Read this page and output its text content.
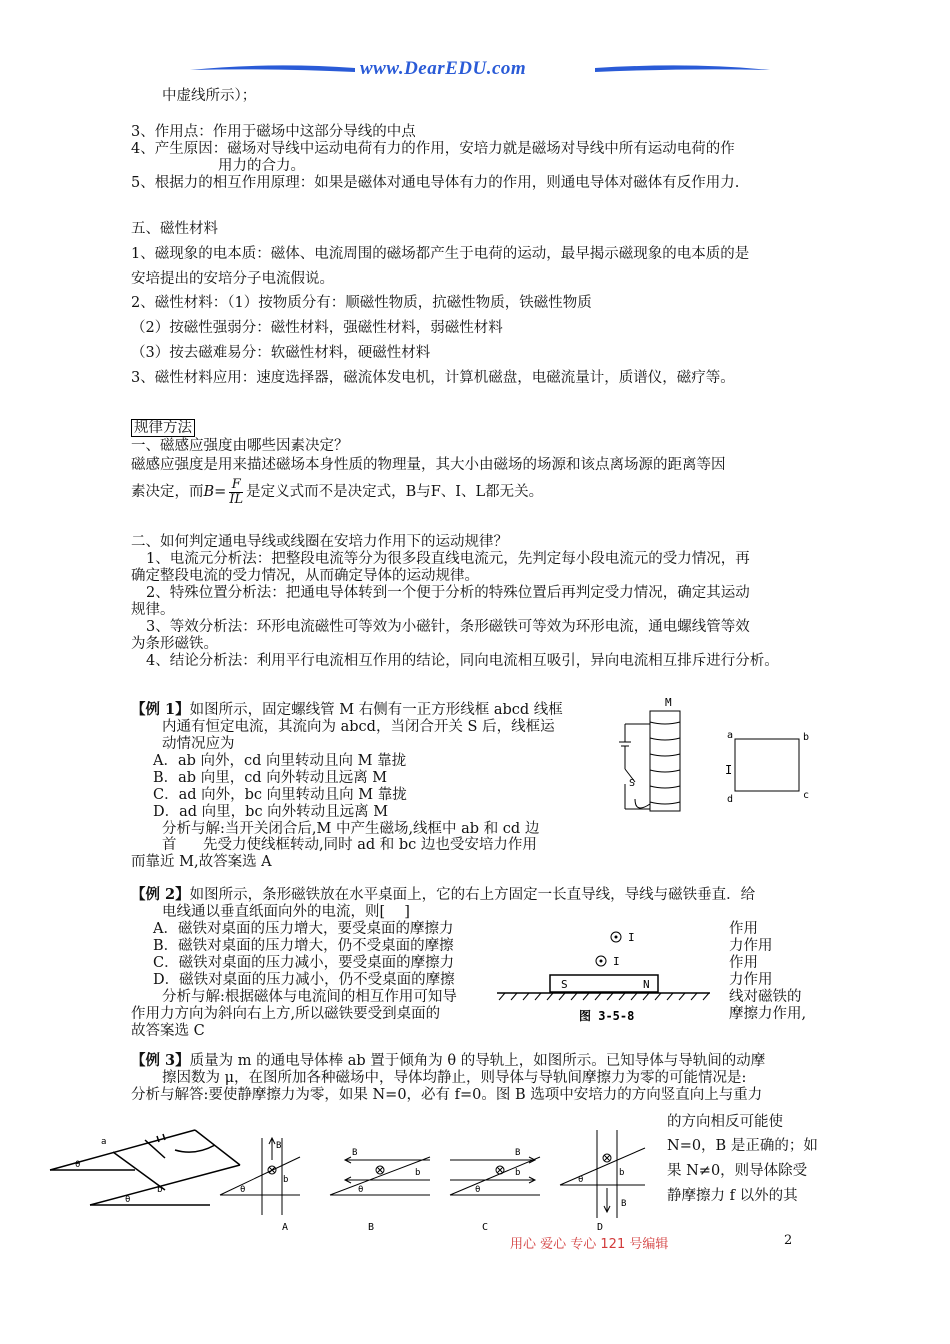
www.DearEDU.com
中虚线所示）；
3、作用点：作用于磁场中这部分导线的中点
4、产生原因：磁场对导线中运动电荷有力的作用，安培力就是磁场对导线中所有运动电荷的作
用力的合力。
5、根据力的相互作用原理：如果是磁体对通电导体有力的作用，则通电导体对磁体有反作用力.
五、磁性材料
1、磁现象的电本质：磁体、电流周围的磁场都产生于电荷的运动，最早揭示磁现象的电本质的是
安培提出的安培分子电流假说。
2、磁性材料：（1）按物质分有：顺磁性物质，抗磁性物质，铁磁性物质
（2）按磁性强弱分：磁性材料，强磁性材料，弱磁性材料
（3）按去磁难易分：软磁性材料，硬磁性材料
3、磁性材料应用：速度选择器，磁流体发电机，计算机磁盘，电磁流量计，质谱仪，磁疗等。
规律方法
一、磁感应强度由哪些因素决定？
磁感应强度是用来描述磁场本身性质的物理量，其大小由磁场的场源和该点离场源的距离等因
素决定，而$B= \frac{F}{IL}$ 是定义式而不是决定式，B与F、I、L都无关。
二、如何判定通电导线或线圈在安培力作用下的运动规律？
1、电流元分析法：把整段电流等分为很多段直线电流元，先判定每小段电流元的受力情况，再
确定整段电流的受力情况，从而确定导体的运动规律。
2、特殊位置分析法：把通电导体转到一个便于分析的特殊位置后再判定受力情况，确定其运动
规律。
3、等效分析法：环形电流磁性可等效为小磁针，条形磁铁可等效为环形电流，通电螺线管等效
为条形磁铁。
4、结论分析法：利用平行电流相互作用的结论，同向电流相互吸引，异向电流相互排斥进行分析。
【例 1】如图所示，固定螺线管 M 右侧有一正方形线框 abcd 线框
内通有恒定电流，其流向为 abcd，当闭合开关 S 后，线框运
动情况应为
A．ab 向外，cd 向里转动且向 M 靠拢
B．ab 向里，cd 向外转动且远离 M
C．ad 向外，bc 向里转动且向 M 靠拢
D．ad 向里，bc 向外转动且远离 M
分析与解:当开关闭合后,M 中产生磁场,线框中 ab 和 cd 边
首 先受力使线框转动,同时 ad 和 bc 边也受安培力作用
而靠近 M,故答案选 A
M
S
a	b
c
d
I
【例 2】如图所示，条形磁铁放在水平桌面上，它的右上方固定一长直导线，导线与磁铁垂直．给
电线通以垂直纸面向外的电流，则[　 ]
A．磁铁对桌面的压力增大，要受桌面的摩擦力
B．磁铁对桌面的压力增大，仍不受桌面的摩擦
C．磁铁对桌面的压力减小，要受桌面的摩擦力
D．磁铁对桌面的压力减小，仍不受桌面的摩擦
作用
力作用
作用
力作用
线对磁铁的
摩擦力作用,
分析与解:根据磁体与电流间的相互作用可知导
作用力方向为斜向右上方,所以磁铁要受到桌面的
故答案选 C
I
I
S	N
图 3-5-8
【例 3】质量为 m 的通电导体棒 ab 置于倾角为 θ 的导轨上，如图所示。已知导体与导轨间的动摩
擦因数为 μ，在图所加各种磁场中，导体均静止，则导体与导轨间摩擦力为零的可能情况是:
分析与解答:要使静摩擦力为零，如果 N=0，必有 f=0。图 B 选项中安培力的方向竖直向上与重力
的方向相反可能使
N=0，B 是正确的；如
果 N≠0，则导体除受
静摩擦力 f 以外的其
a
θ
b
θ
B
θ
b
A
B
θ
b
B
B
θ
b
C
B
θ
b
D
用心 爱心 专心 121 号编辑	2
